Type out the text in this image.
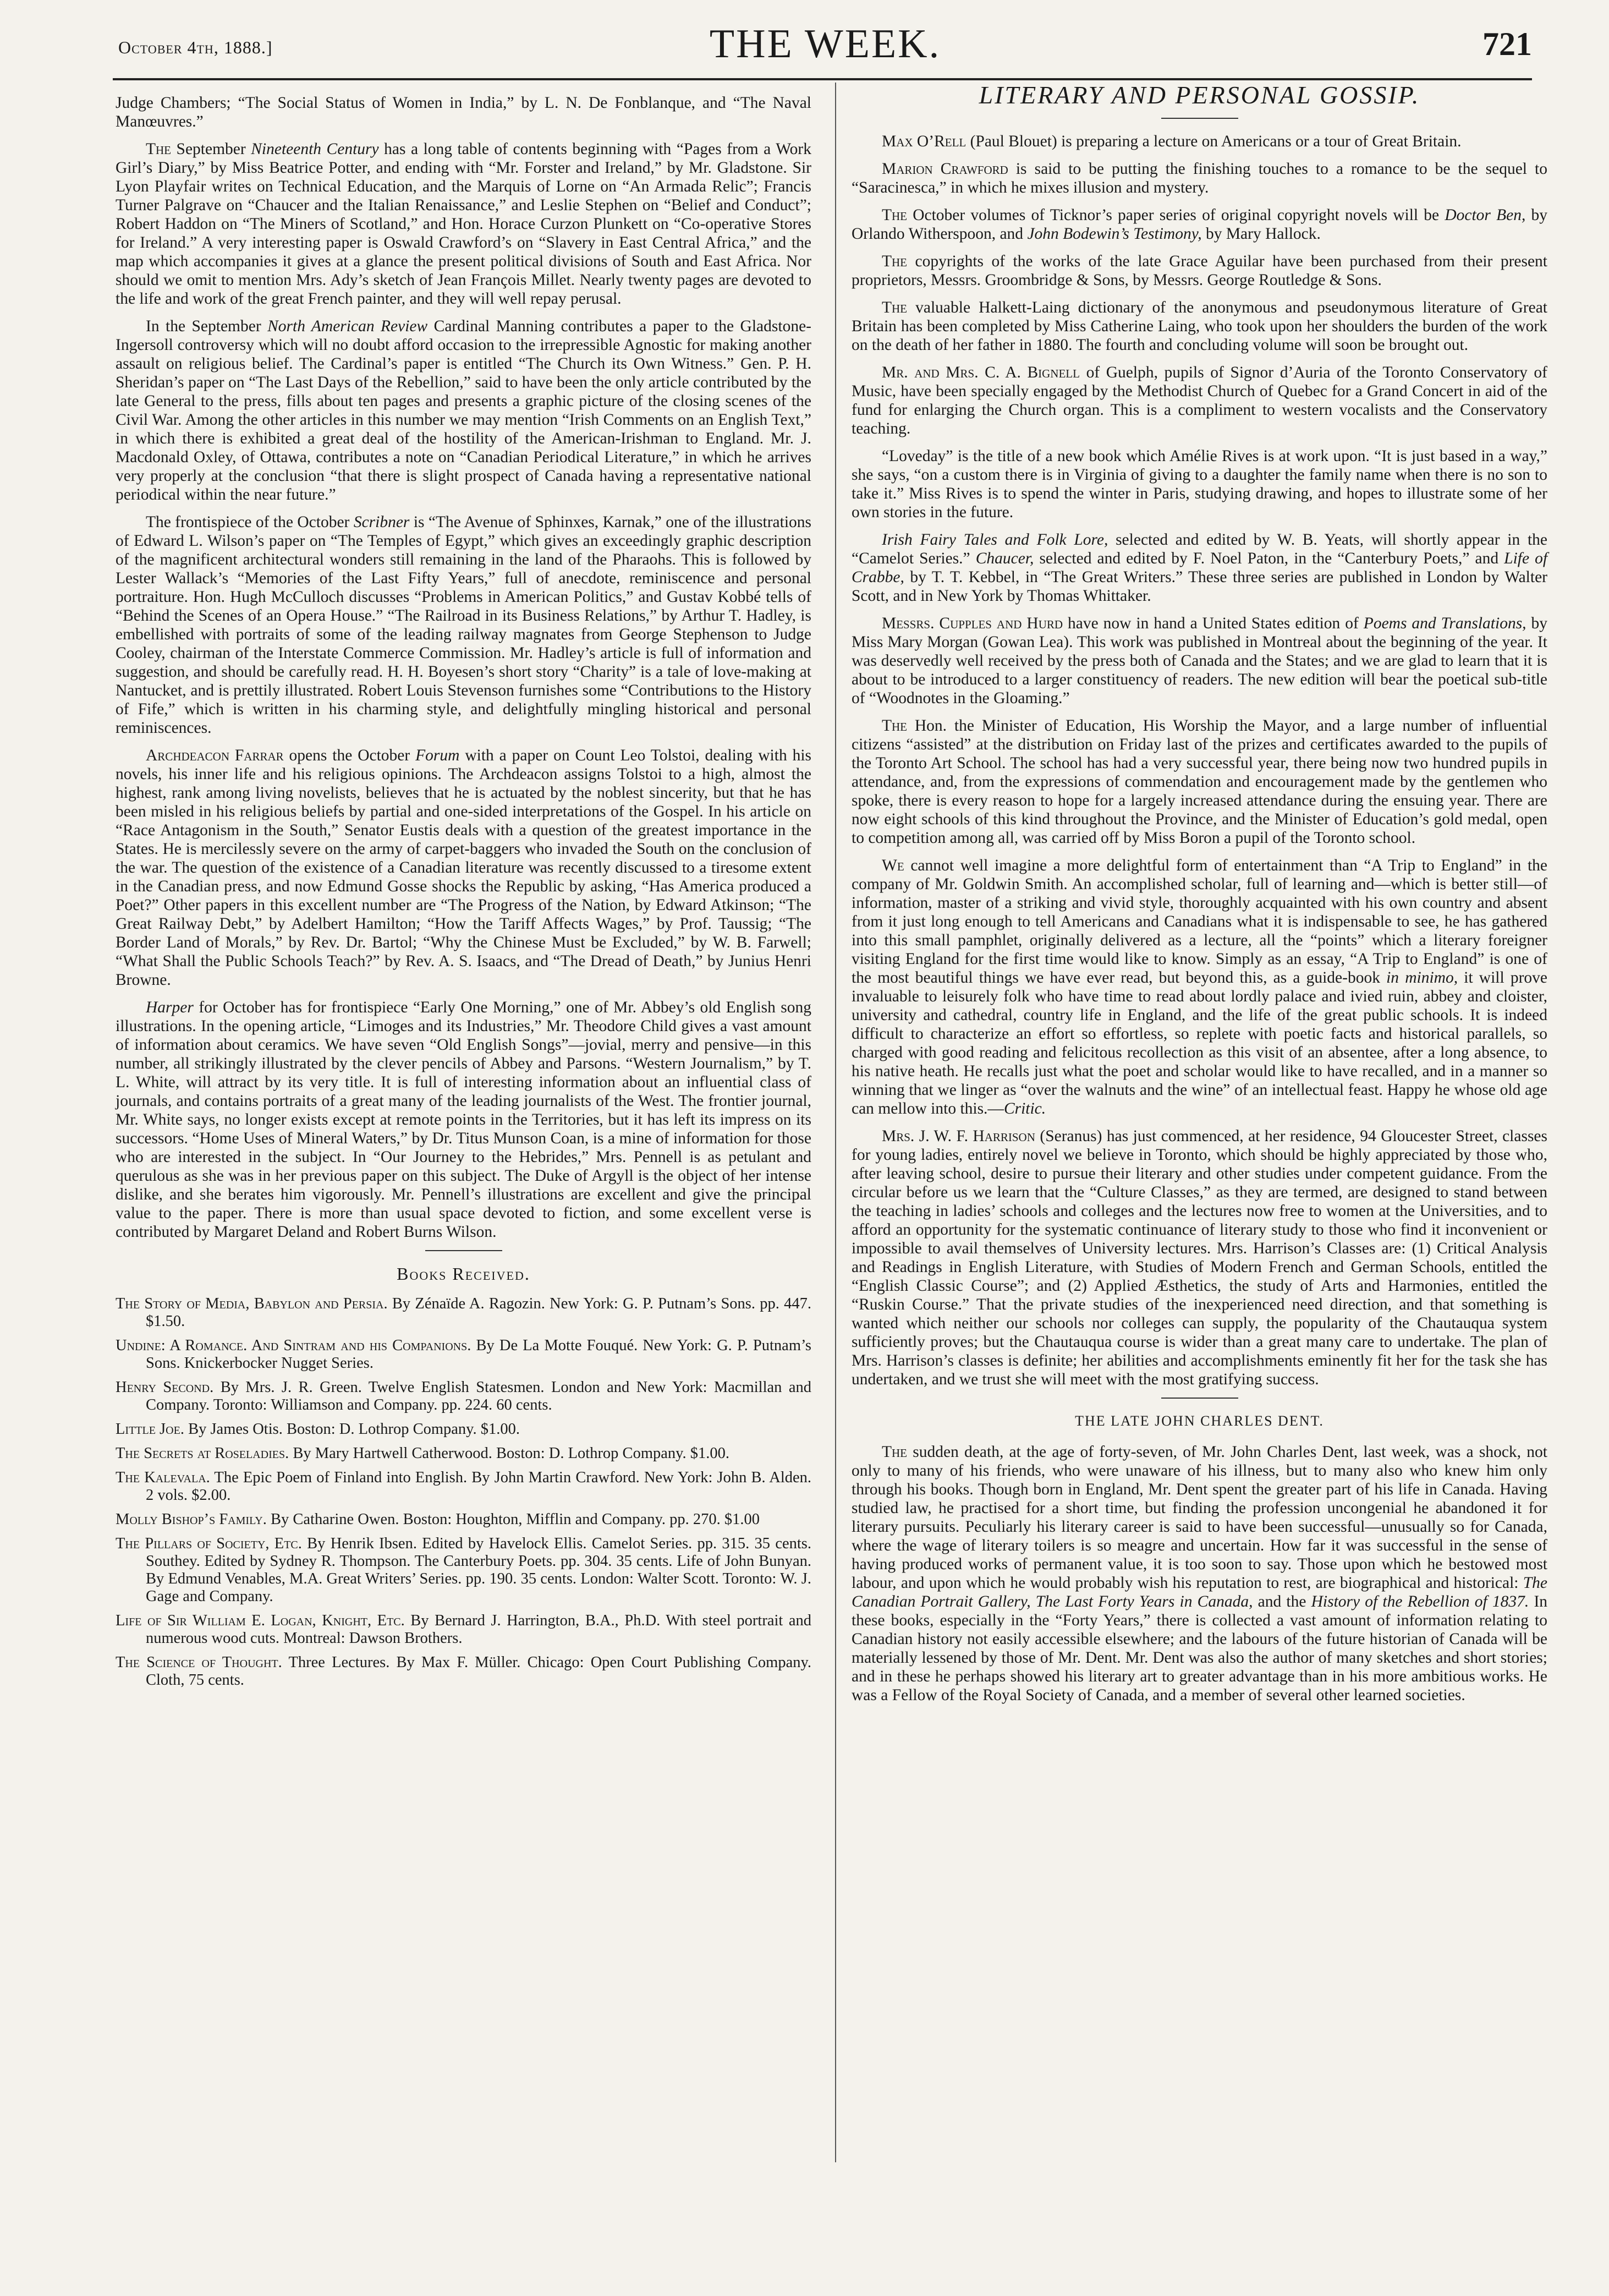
October 4th, 1888.]	THE WEEK.	721

Judge Chambers; “The Social Status of Women in India,” by L. N. De Fonblanque, and “The Naval Manœuvres.”

The September Nineteenth Century has a long table of contents beginning with “Pages from a Work Girl’s Diary,” by Miss Beatrice Potter, and ending with “Mr. Forster and Ireland,” by Mr. Gladstone. Sir Lyon Playfair writes on Technical Education, and the Marquis of Lorne on “An Armada Relic”; Francis Turner Palgrave on “Chaucer and the Italian Renaissance,” and Leslie Stephen on “Belief and Conduct”; Robert Haddon on “The Miners of Scotland,” and Hon. Horace Curzon Plunkett on “Co-operative Stores for Ireland.” A very interesting paper is Oswald Crawford’s on “Slavery in East Central Africa,” and the map which accompanies it gives at a glance the present political divisions of South and East Africa. Nor should we omit to mention Mrs. Ady’s sketch of Jean François Millet. Nearly twenty pages are devoted to the life and work of the great French painter, and they will well repay perusal.

In the September North American Review Cardinal Manning contributes a paper to the Gladstone-Ingersoll controversy which will no doubt afford occasion to the irrepressible Agnostic for making another assault on religious belief. The Cardinal’s paper is entitled “The Church its Own Witness.” Gen. P. H. Sheridan’s paper on “The Last Days of the Rebellion,” said to have been the only article contributed by the late General to the press, fills about ten pages and presents a graphic picture of the closing scenes of the Civil War. Among the other articles in this number we may mention “Irish Comments on an English Text,” in which there is exhibited a great deal of the hostility of the American-Irishman to England. Mr. J. Macdonald Oxley, of Ottawa, contributes a note on “Canadian Periodical Literature,” in which he arrives very properly at the conclusion “that there is slight prospect of Canada having a representative national periodical within the near future.”

The frontispiece of the October Scribner is “The Avenue of Sphinxes, Karnak,” one of the illustrations of Edward L. Wilson’s paper on “The Temples of Egypt,” which gives an exceedingly graphic description of the magnificent architectural wonders still remaining in the land of the Pharaohs. This is followed by Lester Wallack’s “Memories of the Last Fifty Years,” full of anecdote, reminiscence and personal portraiture. Hon. Hugh McCulloch discusses “Problems in American Politics,” and Gustav Kobbé tells of “Behind the Scenes of an Opera House.” “The Railroad in its Business Relations,” by Arthur T. Hadley, is embellished with portraits of some of the leading railway magnates from George Stephenson to Judge Cooley, chairman of the Interstate Commerce Commission. Mr. Hadley’s article is full of information and suggestion, and should be carefully read. H. H. Boyesen’s short story “Charity” is a tale of love-making at Nantucket, and is prettily illustrated. Robert Louis Stevenson furnishes some “Contributions to the History of Fife,” which is written in his charming style, and delightfully mingling historical and personal reminiscences.

Archdeacon Farrar opens the October Forum with a paper on Count Leo Tolstoi, dealing with his novels, his inner life and his religious opinions. The Archdeacon assigns Tolstoi to a high, almost the highest, rank among living novelists, believes that he is actuated by the noblest sincerity, but that he has been misled in his religious beliefs by partial and one-sided interpretations of the Gospel. In his article on “Race Antagonism in the South,” Senator Eustis deals with a question of the greatest importance in the States. He is mercilessly severe on the army of carpet-baggers who invaded the South on the conclusion of the war. The question of the existence of a Canadian literature was recently discussed to a tiresome extent in the Canadian press, and now Edmund Gosse shocks the Republic by asking, “Has America produced a Poet?” Other papers in this excellent number are “The Progress of the Nation, by Edward Atkinson; “The Great Railway Debt,” by Adelbert Hamilton; “How the Tariff Affects Wages,” by Prof. Taussig; “The Border Land of Morals,” by Rev. Dr. Bartol; “Why the Chinese Must be Excluded,” by W. B. Farwell; “What Shall the Public Schools Teach?” by Rev. A. S. Isaacs, and “The Dread of Death,” by Junius Henri Browne.

Harper for October has for frontispiece “Early One Morning,” one of Mr. Abbey’s old English song illustrations. In the opening article, “Limoges and its Industries,” Mr. Theodore Child gives a vast amount of information about ceramics. We have seven “Old English Songs”—jovial, merry and pensive—in this number, all strikingly illustrated by the clever pencils of Abbey and Parsons. “Western Journalism,” by T. L. White, will attract by its very title. It is full of interesting information about an influential class of journals, and contains portraits of a great many of the leading journalists of the West. The frontier journal, Mr. White says, no longer exists except at remote points in the Territories, but it has left its impress on its successors. “Home Uses of Mineral Waters,” by Dr. Titus Munson Coan, is a mine of information for those who are interested in the subject. In “Our Journey to the Hebrides,” Mrs. Pennell is as petulant and querulous as she was in her previous paper on this subject. The Duke of Argyll is the object of her intense dislike, and she berates him vigorously. Mr. Pennell’s illustrations are excellent and give the principal value to the paper. There is more than usual space devoted to fiction, and some excellent verse is contributed by Margaret Deland and Robert Burns Wilson.

Books Received.
The Story of Media, Babylon and Persia. By Zénaïde A. Ragozin. New York: G. P. Putnam’s Sons. pp. 447. $1.50.
Undine: A Romance. And Sintram and his Companions. By De La Motte Fouqué. New York: G. P. Putnam’s Sons. Knickerbocker Nugget Series.
Henry Second. By Mrs. J. R. Green. Twelve English Statesmen. London and New York: Macmillan and Company. Toronto: Williamson and Company. pp. 224. 60 cents.
Little Joe. By James Otis. Boston: D. Lothrop Company. $1.00.
The Secrets at Roseladies. By Mary Hartwell Catherwood. Boston: D. Lothrop Company. $1.00.
The Kalevala. The Epic Poem of Finland into English. By John Martin Crawford. New York: John B. Alden. 2 vols. $2.00.
Molly Bishop’s Family. By Catharine Owen. Boston: Houghton, Mifflin and Company. pp. 270. $1.00
The Pillars of Society, Etc. By Henrik Ibsen. Edited by Havelock Ellis. Camelot Series. pp. 315. 35 cents. Southey. Edited by Sydney R. Thompson. The Canterbury Poets. pp. 304. 35 cents. Life of John Bunyan. By Edmund Venables, M.A. Great Writers’ Series. pp. 190. 35 cents. London: Walter Scott. Toronto: W. J. Gage and Company.
Life of Sir William E. Logan, Knight, Etc. By Bernard J. Harrington, B.A., Ph.D. With steel portrait and numerous wood cuts. Montreal: Dawson Brothers.
The Science of Thought. Three Lectures. By Max F. Müller. Chicago: Open Court Publishing Company. Cloth, 75 cents.
LITERARY AND PERSONAL GOSSIP.

Max O’Rell (Paul Blouet) is preparing a lecture on Americans or a tour of Great Britain.

Marion Crawford is said to be putting the finishing touches to a romance to be the sequel to “Saracinesca,” in which he mixes illusion and mystery.

The October volumes of Ticknor’s paper series of original copyright novels will be Doctor Ben, by Orlando Witherspoon, and John Bodewin’s Testimony, by Mary Hallock.

The copyrights of the works of the late Grace Aguilar have been purchased from their present proprietors, Messrs. Groombridge & Sons, by Messrs. George Routledge & Sons.

The valuable Halkett-Laing dictionary of the anonymous and pseudonymous literature of Great Britain has been completed by Miss Catherine Laing, who took upon her shoulders the burden of the work on the death of her father in 1880. The fourth and concluding volume will soon be brought out.

Mr. and Mrs. C. A. Bignell of Guelph, pupils of Signor d’Auria of the Toronto Conservatory of Music, have been specially engaged by the Methodist Church of Quebec for a Grand Concert in aid of the fund for enlarging the Church organ. This is a compliment to western vocalists and the Conservatory teaching.

“Loveday” is the title of a new book which Amélie Rives is at work upon. “It is just based in a way,” she says, “on a custom there is in Virginia of giving to a daughter the family name when there is no son to take it.” Miss Rives is to spend the winter in Paris, studying drawing, and hopes to illustrate some of her own stories in the future.

Irish Fairy Tales and Folk Lore, selected and edited by W. B. Yeats, will shortly appear in the “Camelot Series.” Chaucer, selected and edited by F. Noel Paton, in the “Canterbury Poets,” and Life of Crabbe, by T. T. Kebbel, in “The Great Writers.” These three series are published in London by Walter Scott, and in New York by Thomas Whittaker.

Messrs. Cupples and Hurd have now in hand a United States edition of Poems and Translations, by Miss Mary Morgan (Gowan Lea). This work was published in Montreal about the beginning of the year. It was deservedly well received by the press both of Canada and the States; and we are glad to learn that it is about to be introduced to a larger constituency of readers. The new edition will bear the poetical sub-title of “Woodnotes in the Gloaming.”

The Hon. the Minister of Education, His Worship the Mayor, and a large number of influential citizens “assisted” at the distribution on Friday last of the prizes and certificates awarded to the pupils of the Toronto Art School. The school has had a very successful year, there being now two hundred pupils in attendance, and, from the expressions of commendation and encouragement made by the gentlemen who spoke, there is every reason to hope for a largely increased attendance during the ensuing year. There are now eight schools of this kind throughout the Province, and the Minister of Education’s gold medal, open to competition among all, was carried off by Miss Boron a pupil of the Toronto school.

We cannot well imagine a more delightful form of entertainment than “A Trip to England” in the company of Mr. Goldwin Smith. An accomplished scholar, full of learning and—which is better still—of information, master of a striking and vivid style, thoroughly acquainted with his own country and absent from it just long enough to tell Americans and Canadians what it is indispensable to see, he has gathered into this small pamphlet, originally delivered as a lecture, all the “points” which a literary foreigner visiting England for the first time would like to know. Simply as an essay, “A Trip to England” is one of the most beautiful things we have ever read, but beyond this, as a guide-book in minimo, it will prove invaluable to leisurely folk who have time to read about lordly palace and ivied ruin, abbey and cloister, university and cathedral, country life in England, and the life of the great public schools. It is indeed difficult to characterize an effort so effortless, so replete with poetic facts and historical parallels, so charged with good reading and felicitous recollection as this visit of an absentee, after a long absence, to his native heath. He recalls just what the poet and scholar would like to have recalled, and in a manner so winning that we linger as “over the walnuts and the wine” of an intellectual feast. Happy he whose old age can mellow into this.—Critic.

Mrs. J. W. F. Harrison (Seranus) has just commenced, at her residence, 94 Gloucester Street, classes for young ladies, entirely novel we believe in Toronto, which should be highly appreciated by those who, after leaving school, desire to pursue their literary and other studies under competent guidance. From the circular before us we learn that the “Culture Classes,” as they are termed, are designed to stand between the teaching in ladies’ schools and colleges and the lectures now free to women at the Universities, and to afford an opportunity for the systematic continuance of literary study to those who find it inconvenient or impossible to avail themselves of University lectures. Mrs. Harrison’s Classes are: (1) Critical Analysis and Readings in English Literature, with Studies of Modern French and German Schools, entitled the “English Classic Course”; and (2) Applied Æsthetics, the study of Arts and Harmonies, entitled the “Ruskin Course.” That the private studies of the inexperienced need direction, and that something is wanted which neither our schools nor colleges can supply, the popularity of the Chautauqua system sufficiently proves; but the Chautauqua course is wider than a great many care to undertake. The plan of Mrs. Harrison’s classes is definite; her abilities and accomplishments eminently fit her for the task she has undertaken, and we trust she will meet with the most gratifying success.

THE LATE JOHN CHARLES DENT.

The sudden death, at the age of forty-seven, of Mr. John Charles Dent, last week, was a shock, not only to many of his friends, who were unaware of his illness, but to many also who knew him only through his books. Though born in England, Mr. Dent spent the greater part of his life in Canada. Having studied law, he practised for a short time, but finding the profession uncongenial he abandoned it for literary pursuits. Peculiarly his literary career is said to have been successful—unusually so for Canada, where the wage of literary toilers is so meagre and uncertain. How far it was successful in the sense of having produced works of permanent value, it is too soon to say. Those upon which he bestowed most labour, and upon which he would probably wish his reputation to rest, are biographical and historical: The Canadian Portrait Gallery, The Last Forty Years in Canada, and the History of the Rebellion of 1837. In these books, especially in the “Forty Years,” there is collected a vast amount of information relating to Canadian history not easily accessible elsewhere; and the labours of the future historian of Canada will be materially lessened by those of Mr. Dent. Mr. Dent was also the author of many sketches and short stories; and in these he perhaps showed his literary art to greater advantage than in his more ambitious works. He was a Fellow of the Royal Society of Canada, and a member of several other learned societies.
